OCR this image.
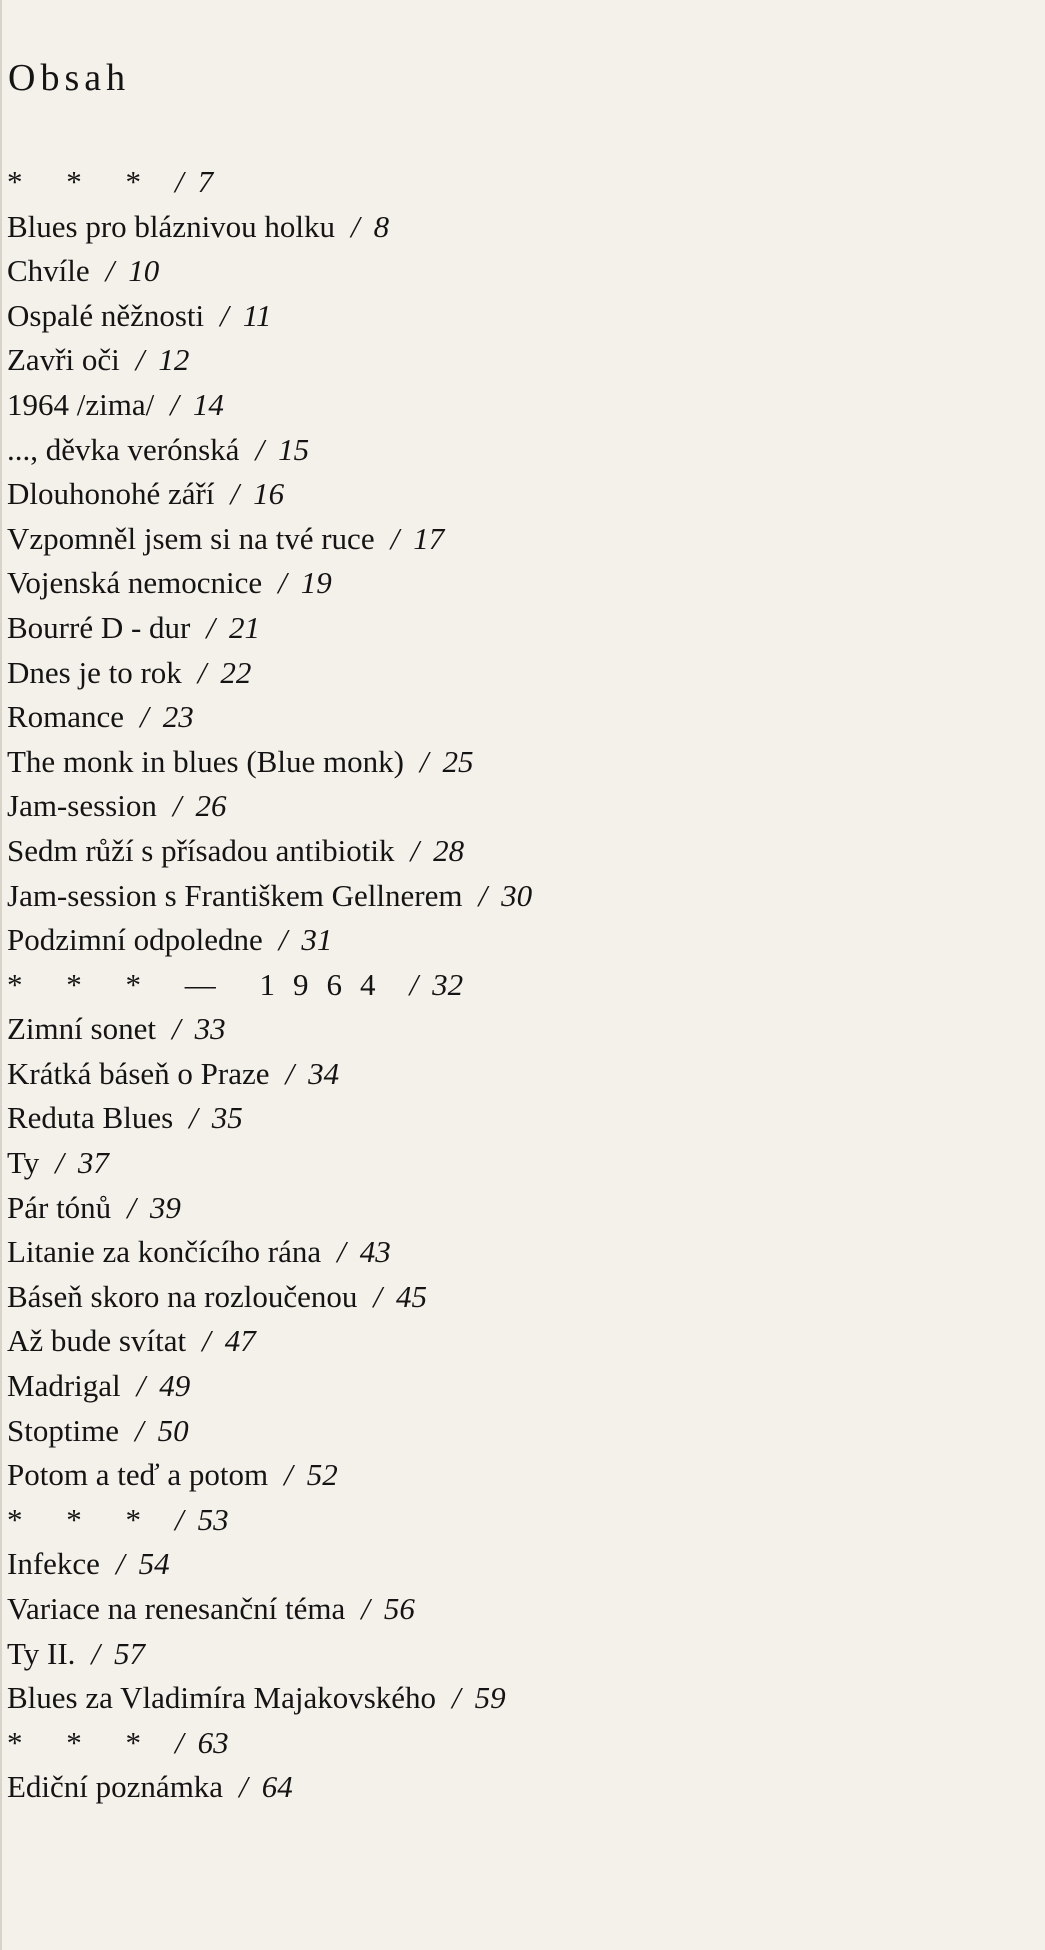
Obsah
* * * / 7
Blues pro bláznivou holku / 8
Chvíle / 10
Ospalé něžnosti / 11
Zavři oči / 12
1964 /zima/ / 14
..., děvka verónská / 15
Dlouhonohé září / 16
Vzpomněl jsem si na tvé ruce / 17
Vojenská nemocnice / 19
Bourré D - dur / 21
Dnes je to rok / 22
Romance / 23
The monk in blues (Blue monk) / 25
Jam-session / 26
Sedm růží s přísadou antibiotik / 28
Jam-session s Františkem Gellnerem / 30
Podzimní odpoledne / 31
* * * — 1964 / 32
Zimní sonet / 33
Krátká báseň o Praze / 34
Reduta Blues / 35
Ty / 37
Pár tónů / 39
Litanie za končícího rána / 43
Báseň skoro na rozloučenou / 45
Až bude svítat / 47
Madrigal / 49
Stoptime / 50
Potom a teď a potom / 52
* * * / 53
Infekce / 54
Variace na renesanční téma / 56
Ty II. / 57
Blues za Vladimíra Majakovského / 59
* * * / 63
Ediční poznámka / 64
